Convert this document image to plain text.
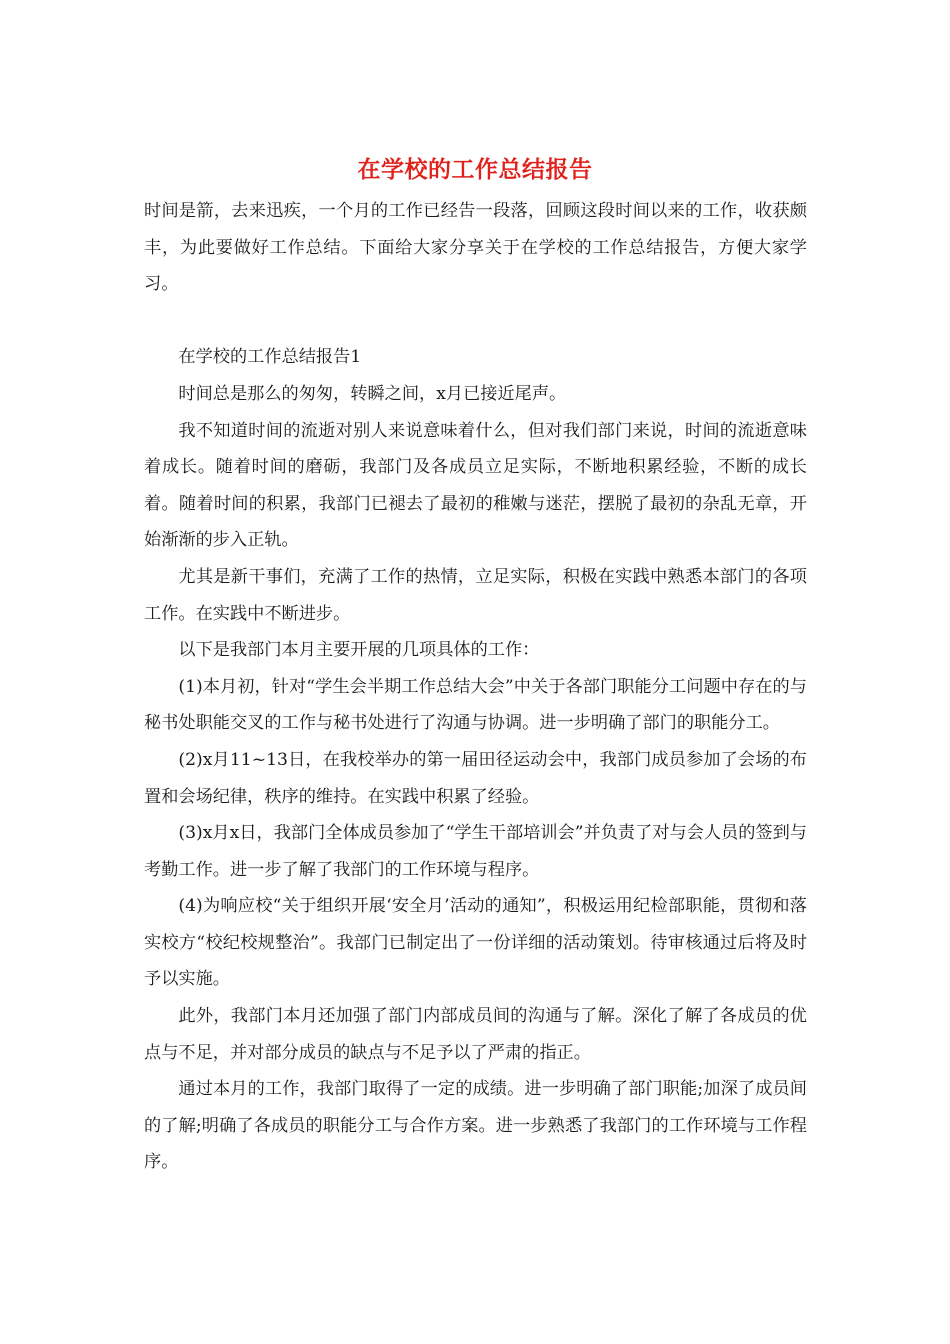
在学校的工作总结报告

时间是箭，去来迅疾，一个月的工作已经告一段落，回顾这段时间以来的工作，收获颇丰，为此要做好工作总结。下面给大家分享关于在学校的工作总结报告，方便大家学习。

在学校的工作总结报告1

时间总是那么的匆匆，转瞬之间，x月已接近尾声。

我不知道时间的流逝对别人来说意味着什么，但对我们部门来说，时间的流逝意味着成长。随着时间的磨砺，我部门及各成员立足实际，不断地积累经验，不断的成长着。随着时间的积累，我部门已褪去了最初的稚嫩与迷茫，摆脱了最初的杂乱无章，开始渐渐的步入正轨。

尤其是新干事们，充满了工作的热情，立足实际，积极在实践中熟悉本部门的各项工作。在实践中不断进步。

以下是我部门本月主要开展的几项具体的工作：

(1)本月初，针对“学生会半期工作总结大会”中关于各部门职能分工问题中存在的与秘书处职能交叉的工作与秘书处进行了沟通与协调。进一步明确了部门的职能分工。

(2)x月11~13日，在我校举办的第一届田径运动会中，我部门成员参加了会场的布置和会场纪律，秩序的维持。在实践中积累了经验。

(3)x月x日，我部门全体成员参加了“学生干部培训会”并负责了对与会人员的签到与考勤工作。进一步了解了我部门的工作环境与程序。

(4)为响应校“关于组织开展‘安全月’活动的通知”，积极运用纪检部职能，贯彻和落实校方“校纪校规整治”。我部门已制定出了一份详细的活动策划。待审核通过后将及时予以实施。

此外，我部门本月还加强了部门内部成员间的沟通与了解。深化了解了各成员的优点与不足，并对部分成员的缺点与不足予以了严肃的指正。

通过本月的工作，我部门取得了一定的成绩。进一步明确了部门职能;加深了成员间的了解;明确了各成员的职能分工与合作方案。进一步熟悉了我部门的工作环境与工作程序。
